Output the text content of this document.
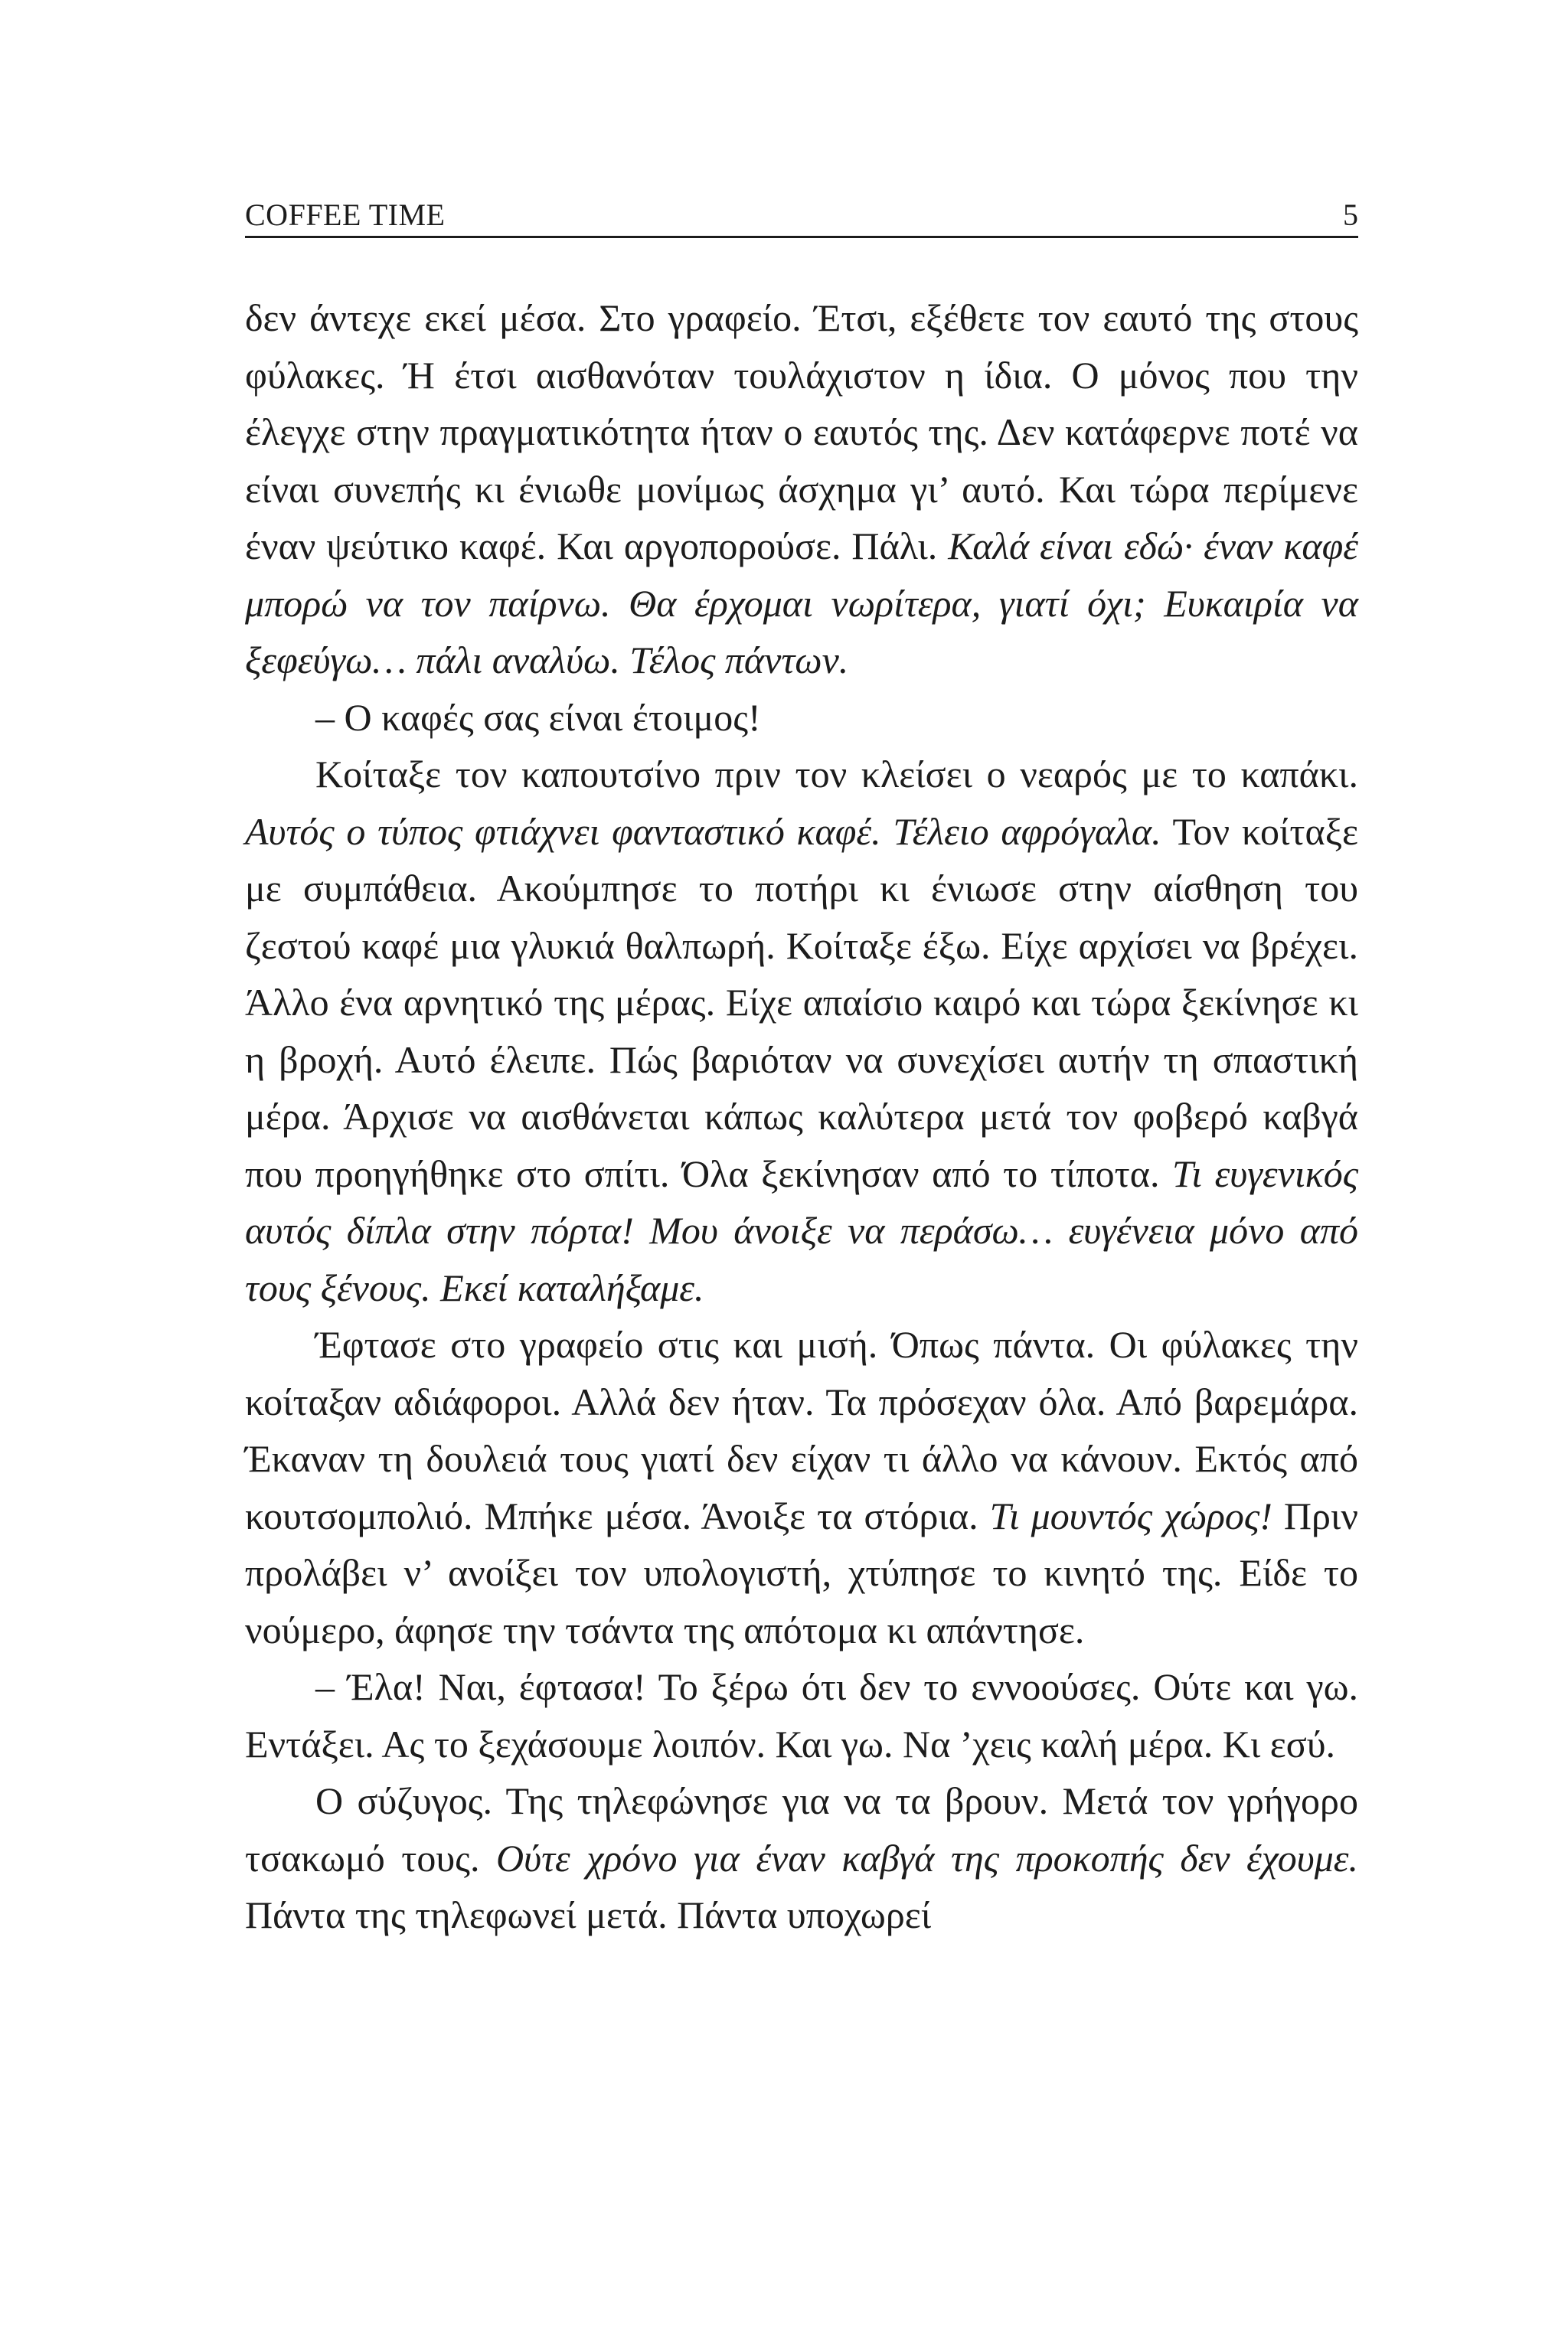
COFFEE TIME	5

δεν άντεχε εκεί μέσα. Στο γραφείο. Έτσι, εξέθετε τον εαυτό της στους φύλακες. Ή έτσι αισθανόταν τουλάχιστον η ίδια. Ο μόνος που την έλεγχε στην πραγματικότητα ήταν ο εαυτός της. Δεν κατάφερνε ποτέ να είναι συνεπής κι ένιωθε μονίμως άσχημα γι’ αυτό. Και τώρα περίμενε έναν ψεύτικο καφέ. Και αργοπορούσε. Πάλι. Καλά είναι εδώ· έναν καφέ μπορώ να τον παίρνω. Θα έρχομαι νωρίτερα, γιατί όχι; Ευκαιρία να ξεφεύγω… πάλι αναλύω. Τέλος πάντων.

– Ο καφές σας είναι έτοιμος!

Κοίταξε τον καπουτσίνο πριν τον κλείσει ο νεαρός με το καπάκι. Αυτός ο τύπος φτιάχνει φανταστικό καφέ. Τέλειο αφρόγαλα. Τον κοίταξε με συμπάθεια. Ακούμπησε το ποτήρι κι ένιωσε στην αίσθηση του ζεστού καφέ μια γλυκιά θαλπωρή. Κοίταξε έξω. Είχε αρχίσει να βρέχει. Άλλο ένα αρνητικό της μέρας. Είχε απαίσιο καιρό και τώρα ξεκίνησε κι η βροχή. Αυτό έλειπε. Πώς βαριόταν να συνεχίσει αυτήν τη σπαστική μέρα. Άρχισε να αισθάνεται κάπως καλύτερα μετά τον φοβερό καβγά που προηγήθηκε στο σπίτι. Όλα ξεκίνησαν από το τίποτα. Τι ευγενικός αυτός δίπλα στην πόρτα! Μου άνοιξε να περάσω… ευγένεια μόνο από τους ξένους. Εκεί καταλήξαμε.

Έφτασε στο γραφείο στις και μισή. Όπως πάντα. Οι φύλακες την κοίταξαν αδιάφοροι. Αλλά δεν ήταν. Τα πρόσεχαν όλα. Από βαρεμάρα. Έκαναν τη δουλειά τους γιατί δεν είχαν τι άλλο να κάνουν. Εκτός από κουτσομπολιό. Μπήκε μέσα. Άνοιξε τα στόρια. Τι μουντός χώρος! Πριν προλάβει ν’ ανοίξει τον υπολογιστή, χτύπησε το κινητό της. Είδε το νούμερο, άφησε την τσάντα της απότομα κι απάντησε.

– Έλα! Ναι, έφτασα! Το ξέρω ότι δεν το εννοούσες. Ούτε και γω. Εντάξει. Ας το ξεχάσουμε λοιπόν. Και γω. Να ’χεις καλή μέρα. Κι εσύ.

Ο σύζυγος. Της τηλεφώνησε για να τα βρουν. Μετά τον γρήγορο τσακωμό τους. Ούτε χρόνο για έναν καβγά της προκοπής δεν έχουμε. Πάντα της τηλεφωνεί μετά. Πάντα υποχωρεί
